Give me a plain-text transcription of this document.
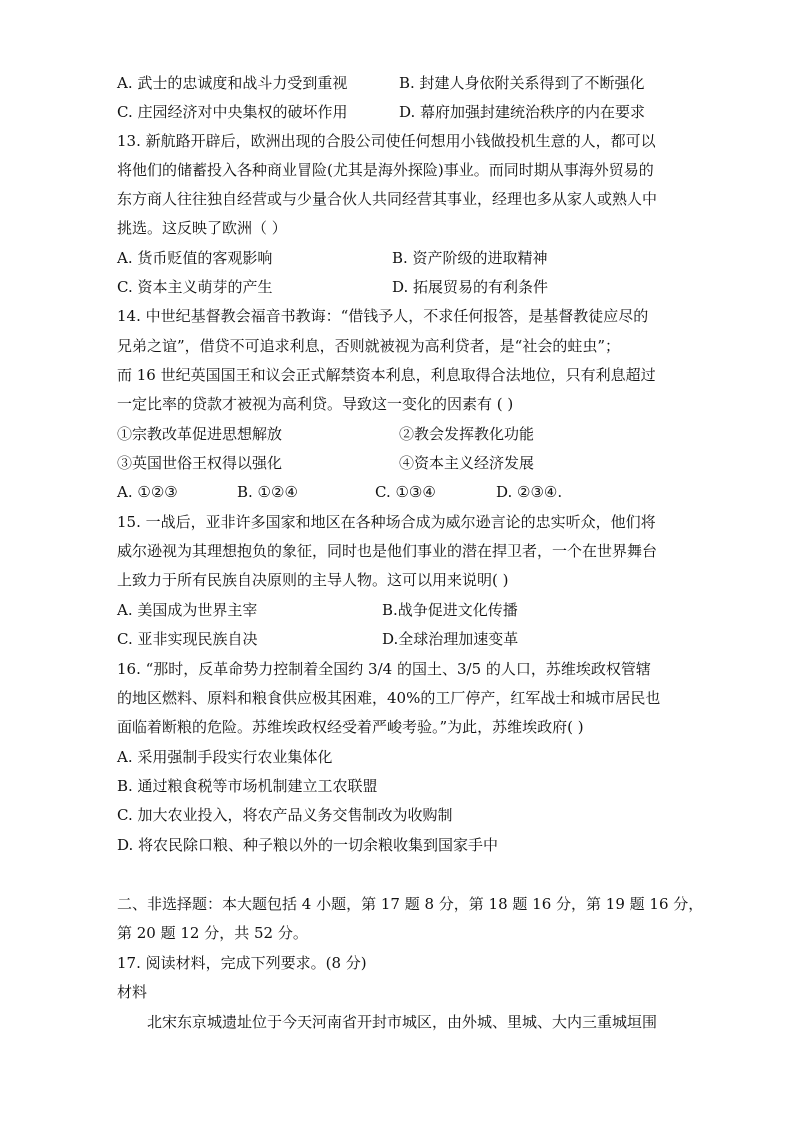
A. 武士的忠诚度和战斗力受到重视	B. 封建人身依附关系得到了不断强化
C. 庄园经济对中央集权的破坏作用	D. 幕府加强封建统治秩序的内在要求
13. 新航路开辟后，欧洲出现的合股公司使任何想用小钱做投机生意的人，都可以
将他们的储蓄投入各种商业冒险(尤其是海外探险)事业。而同时期从事海外贸易的
东方商人往往独自经营或与少量合伙人共同经营其事业，经理也多从家人或熟人中
挑选。这反映了欧洲（ ）
A. 货币贬值的客观影响	B. 资产阶级的进取精神
C. 资本主义萌芽的产生	D. 拓展贸易的有利条件
14. 中世纪基督教会福音书教诲：“借钱予人，不求任何报答，是基督教徒应尽的
兄弟之谊”，借贷不可追求利息，否则就被视为高利贷者，是“社会的蛀虫”；
而 16 世纪英国国王和议会正式解禁资本利息，利息取得合法地位，只有利息超过
一定比率的贷款才被视为高利贷。导致这一变化的因素有 ( )
①宗教改革促进思想解放	②教会发挥教化功能
③英国世俗王权得以强化	④资本主义经济发展
A. ①②③	B. ①②④	C. ①③④	D. ②③④.
15. 一战后，亚非许多国家和地区在各种场合成为威尔逊言论的忠实听众，他们将
威尔逊视为其理想抱负的象征，同时也是他们事业的潜在捍卫者，一个在世界舞台
上致力于所有民族自决原则的主导人物。这可以用来说明( )
A. 美国成为世界主宰	B.战争促进文化传播
C. 亚非实现民族自决	D.全球治理加速变革
16. “那时，反革命势力控制着全国约 3/4 的国土、3/5 的人口，苏维埃政权管辖
的地区燃料、原料和粮食供应极其困难，40%的工厂停产，红军战士和城市居民也
面临着断粮的危险。苏维埃政权经受着严峻考验。”为此，苏维埃政府( )
A. 采用强制手段实行农业集体化
B. 通过粮食税等市场机制建立工农联盟
C. 加大农业投入，将农产品义务交售制改为收购制
D. 将农民除口粮、种子粮以外的一切余粮收集到国家手中
二、非选择题：本大题包括 4 小题，第 17 题 8 分，第 18 题 16 分，第 19 题 16 分，
第 20 题 12 分，共 52 分。
17. 阅读材料，完成下列要求。(8 分)
材料
北宋东京城遗址位于今天河南省开封市城区，由外城、里城、大内三重城垣围
